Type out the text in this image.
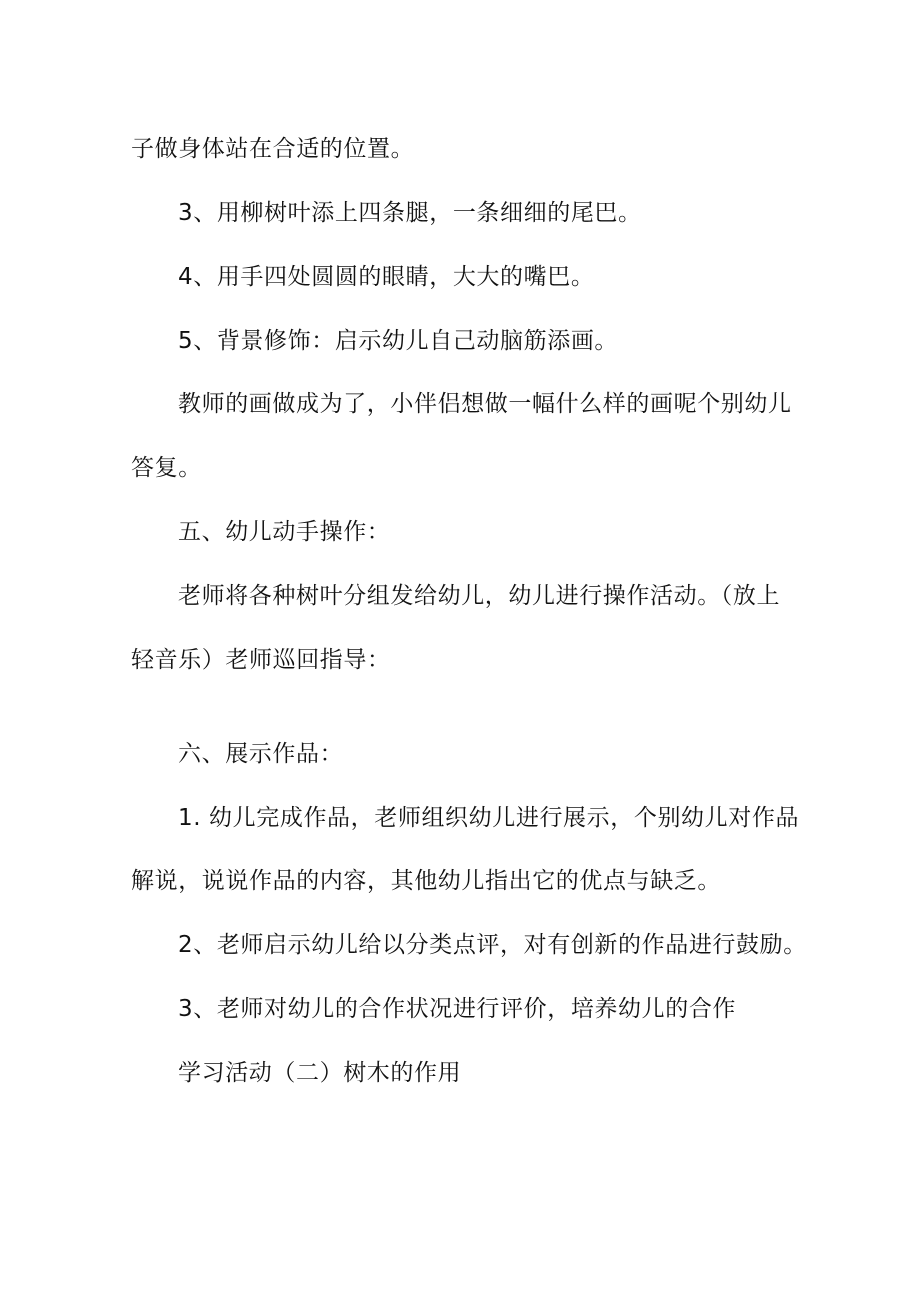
子做身体站在合适的位置。
3、用柳树叶添上四条腿，一条细细的尾巴。
4、用手四处圆圆的眼睛，大大的嘴巴。
5、背景修饰：启示幼儿自己动脑筋添画。
教师的画做成为了，小伴侣想做一幅什么样的画呢个别幼儿
答复。
五、幼儿动手操作：
老师将各种树叶分组发给幼儿，幼儿进行操作活动。（放上
轻音乐）老师巡回指导：
六、展示作品：
1. 幼儿完成作品，老师组织幼儿进行展示，个别幼儿对作品
解说，说说作品的内容，其他幼儿指出它的优点与缺乏。
2、老师启示幼儿给以分类点评，对有创新的作品进行鼓励。
3、老师对幼儿的合作状况进行评价，培养幼儿的合作
学习活动（二）树木的作用
